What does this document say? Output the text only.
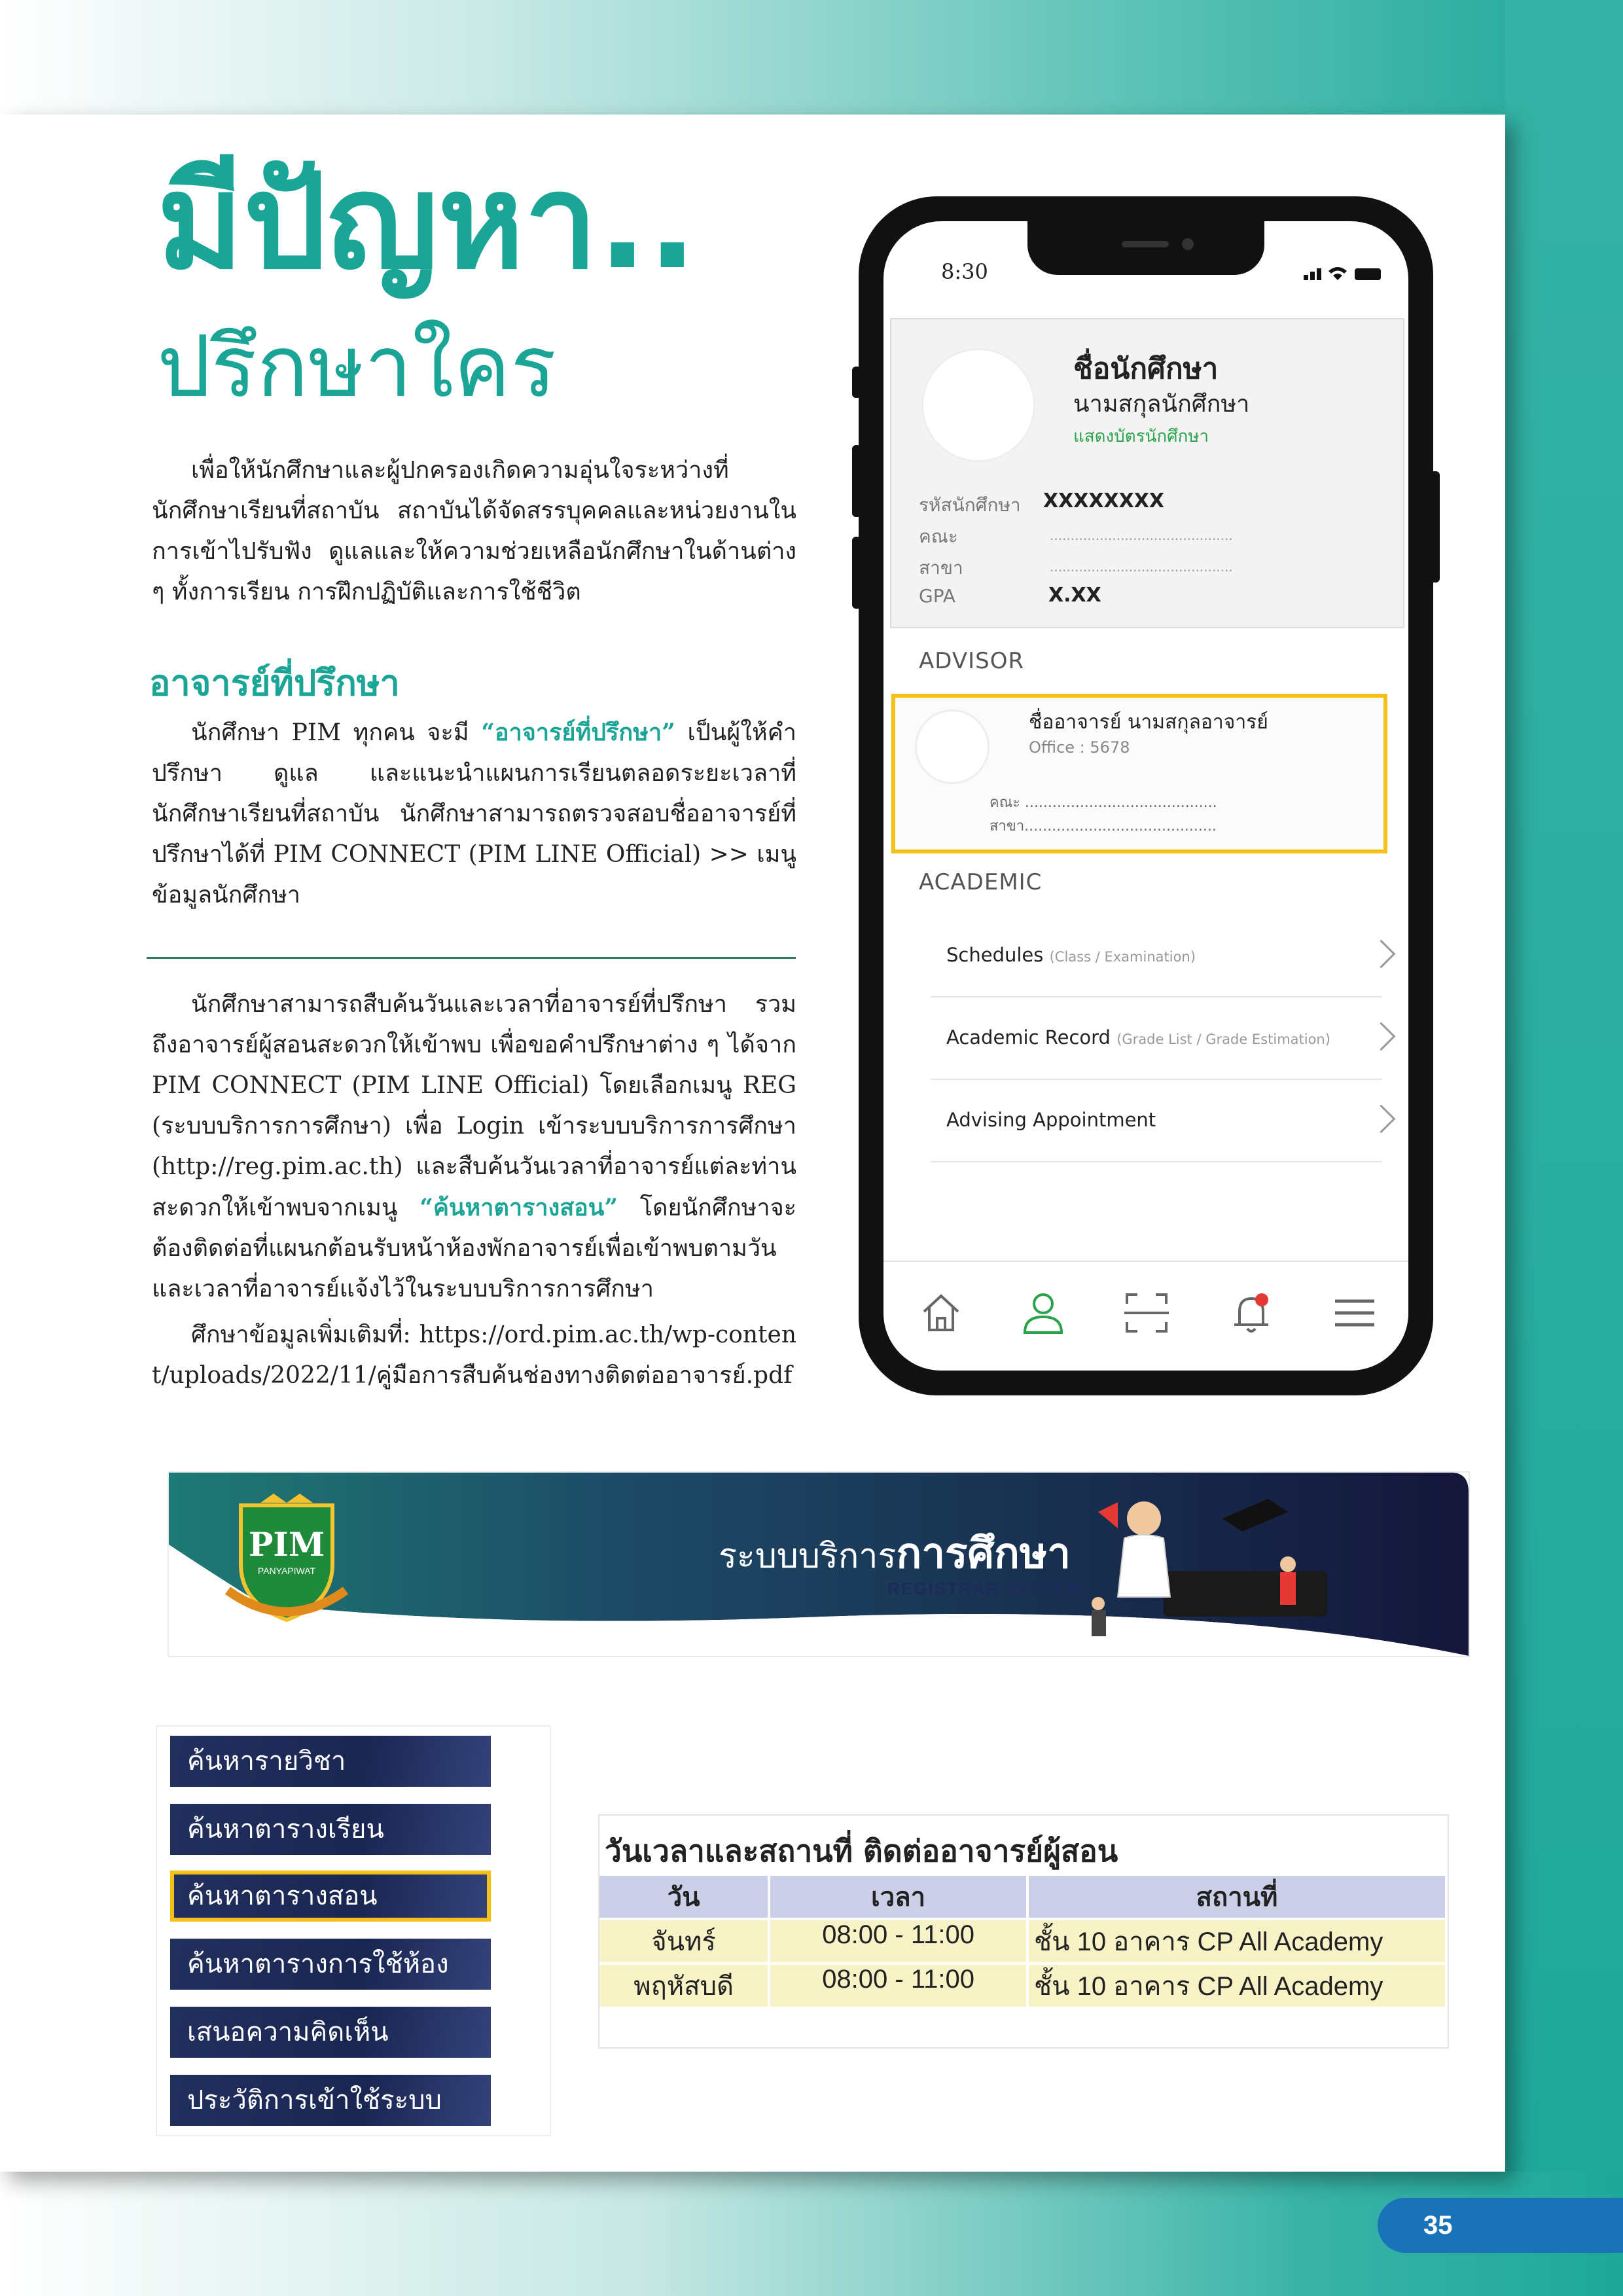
มีปัญหา..
ปรึกษาใคร

เพื่อให้นักศึกษาและผู้ปกครองเกิดความอุ่นใจระหว่างที่นักศึกษาเรียนที่สถาบัน สถาบันได้จัดสรรบุคคลและหน่วยงานในการเข้าไปรับฟัง ดูแลและให้ความช่วยเหลือนักศึกษาในด้านต่าง ๆ ทั้งการเรียน การฝึกปฏิบัติและการใช้ชีวิต

อาจารย์ที่ปรึกษา

นักศึกษา PIM ทุกคน จะมี “อาจารย์ที่ปรึกษา” เป็นผู้ให้คำปรึกษา ดูแล และแนะนำแผนการเรียนตลอดระยะเวลาที่นักศึกษาเรียนที่สถาบัน นักศึกษาสามารถตรวจสอบชื่ออาจารย์ที่ปรึกษาได้ที่ PIM CONNECT (PIM LINE Official) >> เมนูข้อมูลนักศึกษา

นักศึกษาสามารถสืบค้นวันและเวลาที่อาจารย์ที่ปรึกษา รวมถึงอาจารย์ผู้สอนสะดวกให้เข้าพบ เพื่อขอคำปรึกษาต่าง ๆ ได้จาก PIM CONNECT (PIM LINE Official) โดยเลือกเมนู REG (ระบบบริการการศึกษา) เพื่อ Login เข้าระบบบริการการศึกษา (http://reg.pim.ac.th) และสืบค้นวันเวลาที่อาจารย์แต่ละท่านสะดวกให้เข้าพบจากเมนู “ค้นหาตารางสอน” โดยนักศึกษาจะต้องติดต่อที่แผนกต้อนรับหน้าห้องพักอาจารย์เพื่อเข้าพบตามวันและเวลาที่อาจารย์แจ้งไว้ในระบบบริการการศึกษา

ศึกษาข้อมูลเพิ่มเติมที่: https://ord.pim.ac.th/wp-content/uploads/2022/11/คู่มือการสืบค้นช่องทางติดต่ออาจารย์.pdf

8:30
ชื่อนักศึกษา
นามสกุลนักศึกษา
แสดงบัตรนักศึกษา
รหัสนักศึกษา XXXXXXXX
คณะ	............................................
สาขา	............................................
GPA	X.XX
ADVISOR
ชื่ออาจารย์ นามสกุลอาจารย์
Office : 5678
คณะ ..........................................
สาขา..........................................
ACADEMIC
Schedules (Class / Examination)
Academic Record (Grade List / Grade Estimation)
Advising Appointment
PIM
PANYAPIWAT	ระบบบริการการศึกษา
REGISTRAR SYSTEM
ค้นหารายวิชา
ค้นหาตารางเรียน
ค้นหาตารางสอน
ค้นหาตารางการใช้ห้อง
เสนอความคิดเห็น
ประวัติการเข้าใช้ระบบ
วันเวลาและสถานที่ ติดต่ออาจารย์ผู้สอน
วัน	เวลา	สถานที่
จันทร์	08:00 - 11:00	ชั้น 10 อาคาร CP All Academy
พฤหัสบดี	08:00 - 11:00	ชั้น 10 อาคาร CP All Academy
35
